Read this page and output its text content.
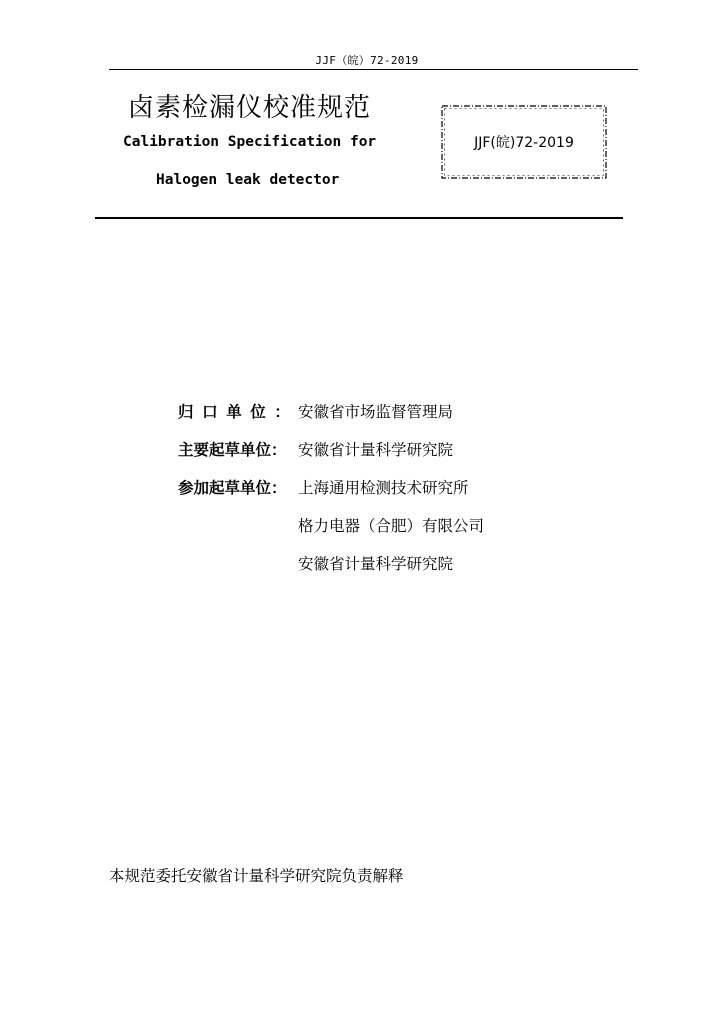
JJF（皖）72-2019
卤素检漏仪校准规范
Calibration Specification for
Halogen leak detector
JJF(皖)72-2019
归口单位：安徽省市场监督管理局
主要起草单位： 安徽省计量科学研究院
参加起草单位： 上海通用检测技术研究所
格力电器（合肥）有限公司
安徽省计量科学研究院
本规范委托安徽省计量科学研究院负责解释
